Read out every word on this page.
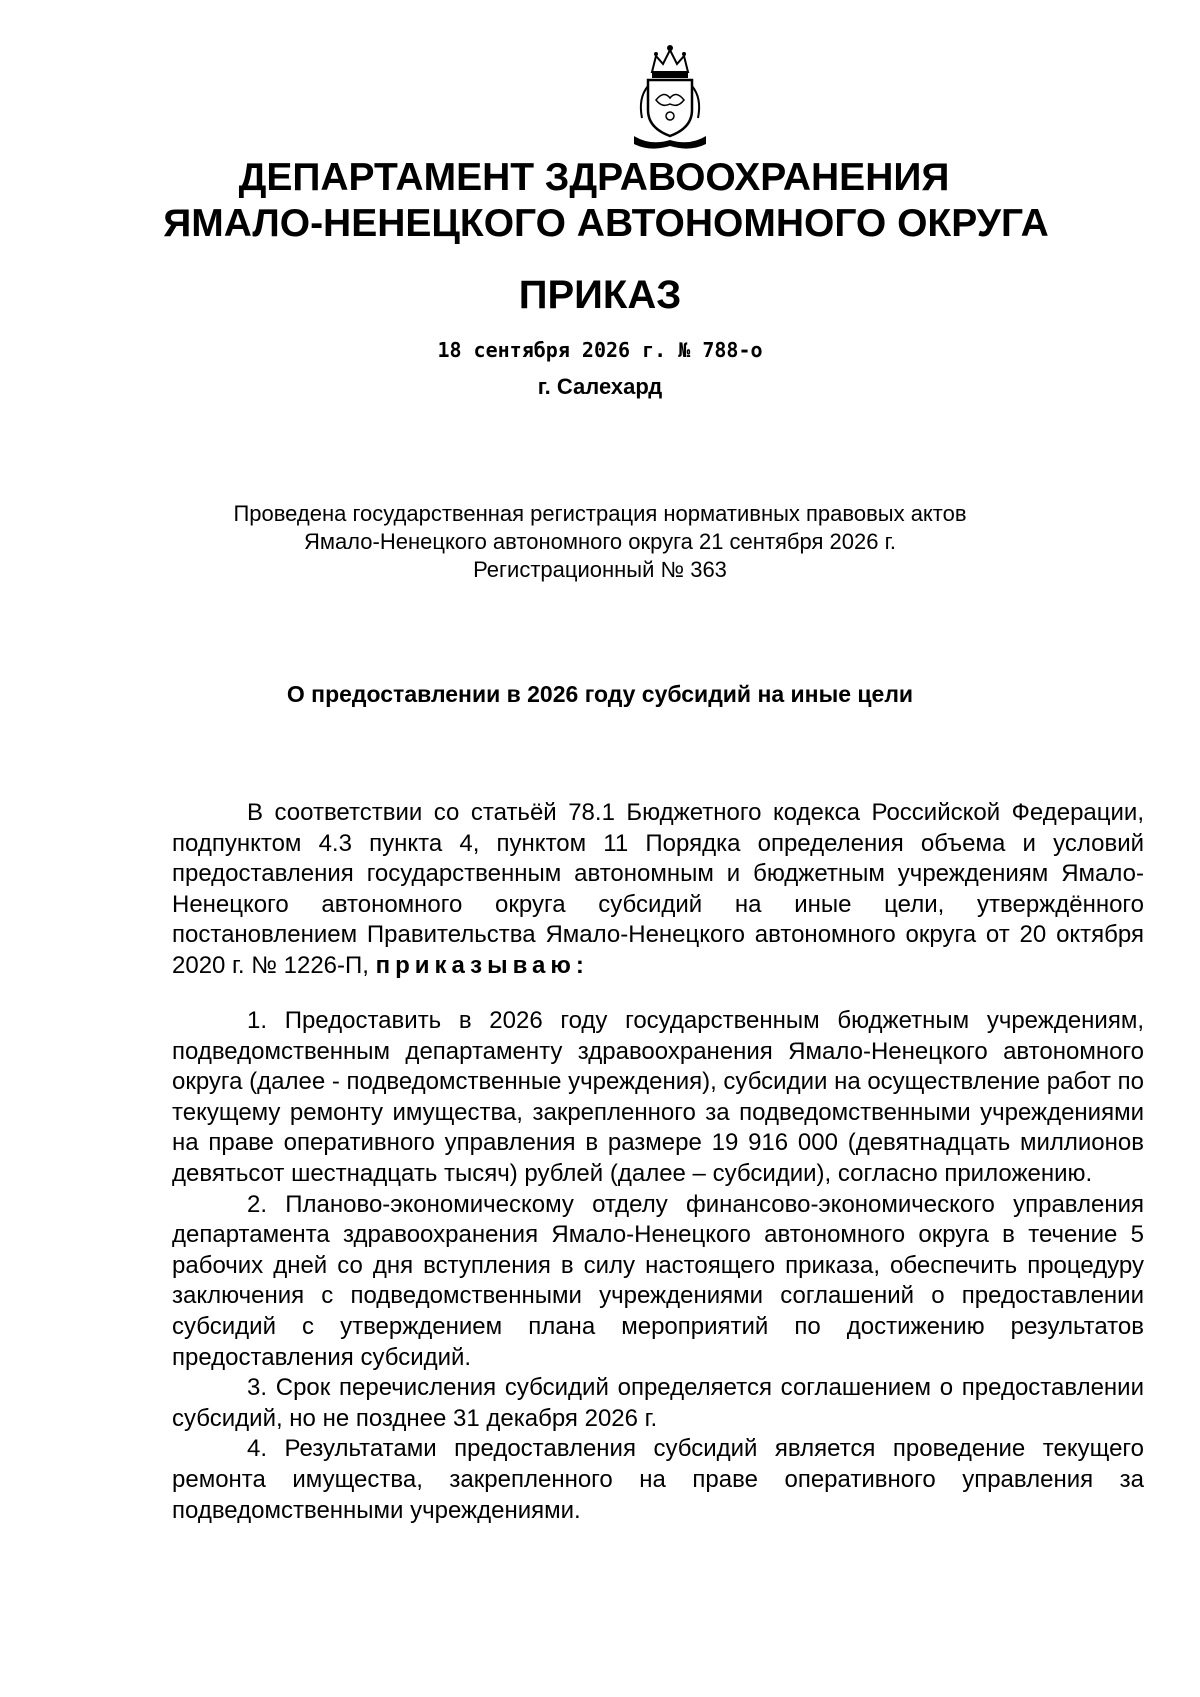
ДЕПАРТАМЕНТ ЗДРАВООХРАНЕНИЯ
ЯМАЛО-НЕНЕЦКОГО АВТОНОМНОГО ОКРУГА
ПРИКАЗ
18 сентября 2026 г. № 788-о
г. Салехард
Проведена государственная регистрация нормативных правовых актов
Ямало-Ненецкого автономного округа 21 сентября 2026 г.
Регистрационный № 363
О предоставлении в 2026 году субсидий на иные цели

В соответствии со статьёй 78.1 Бюджетного кодекса Российской Федерации, подпунктом 4.3 пункта 4, пунктом 11 Порядка определения объема и условий предоставления государственным автономным и бюджетным учреждениям Ямало-Ненецкого автономного округа субсидий на иные цели, утверждённого постановлением Правительства Ямало-Ненецкого автономного округа от 20 октября 2020 г. № 1226-П, приказываю:

1. Предоставить в 2026 году государственным бюджетным учреждениям, подведомственным департаменту здравоохранения Ямало-Ненецкого автономного округа (далее - подведомственные учреждения), субсидии на осуществление работ по текущему ремонту имущества, закрепленного за подведомственными учреждениями на праве оперативного управления в размере 19 916 000 (девятнадцать миллионов девятьсот шестнадцать тысяч) рублей (далее – субсидии), согласно приложению.

2. Планово-экономическому отделу финансово-экономического управления департамента здравоохранения Ямало-Ненецкого автономного округа в течение 5 рабочих дней со дня вступления в силу настоящего приказа, обеспечить процедуру заключения с подведомственными учреждениями соглашений о предоставлении субсидий с утверждением плана мероприятий по достижению результатов предоставления субсидий.

3. Срок перечисления субсидий определяется соглашением о предоставлении субсидий, но не позднее 31 декабря 2026 г.

4. Результатами предоставления субсидий является проведение текущего ремонта имущества, закрепленного на праве оперативного управления за подведомственными учреждениями.
